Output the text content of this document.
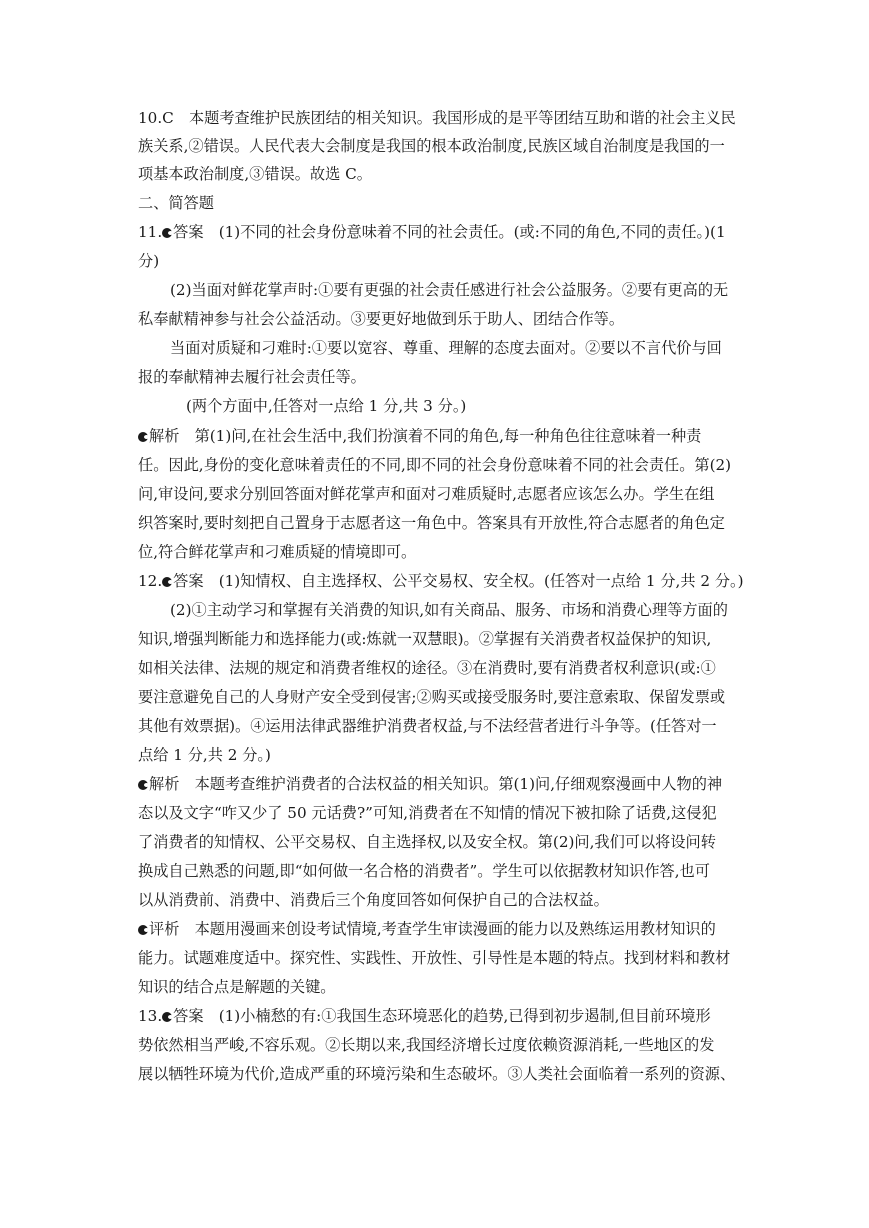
10.C　本题考查维护民族团结的相关知识。我国形成的是平等团结互助和谐的社会主义民
族关系,②错误。人民代表大会制度是我国的根本政治制度,民族区域自治制度是我国的一
项基本政治制度,③错误。故选 C。
二、简答题
11. 答案　 (1)不同的社会身份意味着不同的社会责任。(或:不同的角色,不同的责任。)(1
分)
(2)当面对鲜花掌声时:①要有更强的社会责任感进行社会公益服务。②要有更高的无
私奉献精神参与社会公益活动。③要更好地做到乐于助人、团结合作等。
当面对质疑和刁难时:①要以宽容、尊重、理解的态度去面对。②要以不言代价与回
报的奉献精神去履行社会责任等。
(两个方面中,任答对一点给 1 分,共 3 分。)
解析　 第(1)问,在社会生活中,我们扮演着不同的角色,每一种角色往往意味着一种责
任。因此,身份的变化意味着责任的不同,即不同的社会身份意味着不同的社会责任。第(2)
问,审设问,要求分别回答面对鲜花掌声和面对刁难质疑时,志愿者应该怎么办。学生在组
织答案时,要时刻把自己置身于志愿者这一角色中。答案具有开放性,符合志愿者的角色定
位,符合鲜花掌声和刁难质疑的情境即可。
12. 答案　 (1)知情权、自主选择权、公平交易权、安全权。(任答对一点给 1 分,共 2 分。)
(2)①主动学习和掌握有关消费的知识,如有关商品、服务、市场和消费心理等方面的
知识,增强判断能力和选择能力(或:炼就一双慧眼)。②掌握有关消费者权益保护的知识,
如相关法律、法规的规定和消费者维权的途径。③在消费时,要有消费者权利意识(或:①
要注意避免自己的人身财产安全受到侵害;②购买或接受服务时,要注意索取、保留发票或
其他有效票据)。④运用法律武器维护消费者权益,与不法经营者进行斗争等。(任答对一
点给 1 分,共 2 分。)
解析　 本题考查维护消费者的合法权益的相关知识。第(1)问,仔细观察漫画中人物的神
态以及文字“咋又少了 50 元话费?”可知,消费者在不知情的情况下被扣除了话费,这侵犯
了消费者的知情权、公平交易权、自主选择权,以及安全权。第(2)问,我们可以将设问转
换成自己熟悉的问题,即“如何做一名合格的消费者”。学生可以依据教材知识作答,也可
以从消费前、消费中、消费后三个角度回答如何保护自己的合法权益。
评析　 本题用漫画来创设考试情境,考查学生审读漫画的能力以及熟练运用教材知识的
能力。试题难度适中。探究性、实践性、开放性、引导性是本题的特点。找到材料和教材
知识的结合点是解题的关键。
13. 答案　 (1)小楠愁的有:①我国生态环境恶化的趋势,已得到初步遏制,但目前环境形
势依然相当严峻,不容乐观。②长期以来,我国经济增长过度依赖资源消耗,一些地区的发
展以牺牲环境为代价,造成严重的环境污染和生态破坏。③人类社会面临着一系列的资源、
